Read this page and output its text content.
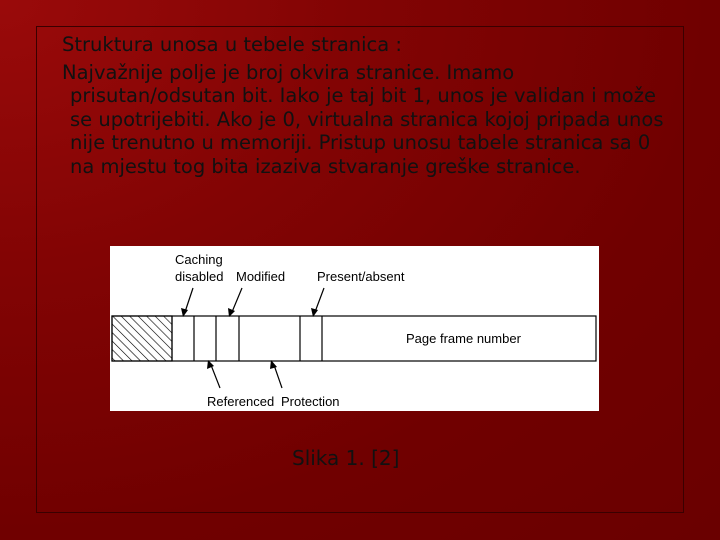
Struktura unosa u tebele stranica :

Najvažnije polje je broj okvira stranice. Imamo prisutan/odsutan bit. Iako je taj bit 1, unos je validan i može se upotrijebiti. Ako je 0, virtualna stranica kojoj pripada unos nije trenutno u memoriji. Pristup unosu tabele stranica sa 0 na mjestu tog bita izaziva stvaranje greške stranice.

Caching
disabled Modified Present/absent
Page frame number
Referenced Protection
Slika 1. [2]
